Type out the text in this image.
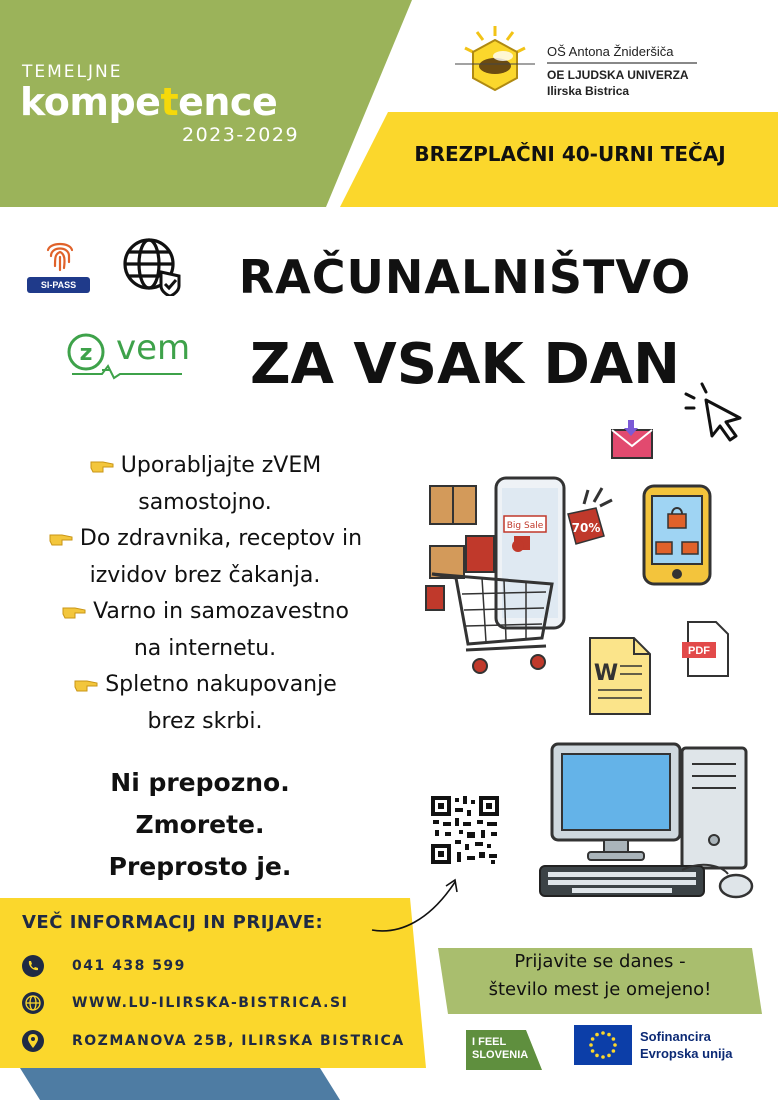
TEMELJNE
kompetence
2023-2029
OŠ Antona Žnideršiča
OE LJUDSKA UNIVERZA
Ilirska Bistrica
BREZPLAČNI 40-URNI TEČAJ
SI-PASS
z vem
RAČUNALNIŠTVO
ZA VSAK DAN
Uporabljajte zVEM
samostojno.
Do zdravnika, receptov in
izvidov brez čakanja.
Varno in samozavestno
na internetu.
Spletno nakupovanje
brez skrbi.
Ni prepozno.
Zmorete.
Preprosto je.
Big Sale 70%
W
PDF
VEČ INFORMACIJ IN PRIJAVE:
041 438 599
WWW.LU-ILIRSKA-BISTRICA.SI
ROZMANOVA 25B, ILIRSKA BISTRICA
Prijavite se danes -
število mest je omejeno!
I FEEL
SLOVENIA
Sofinancira
Evropska unija
